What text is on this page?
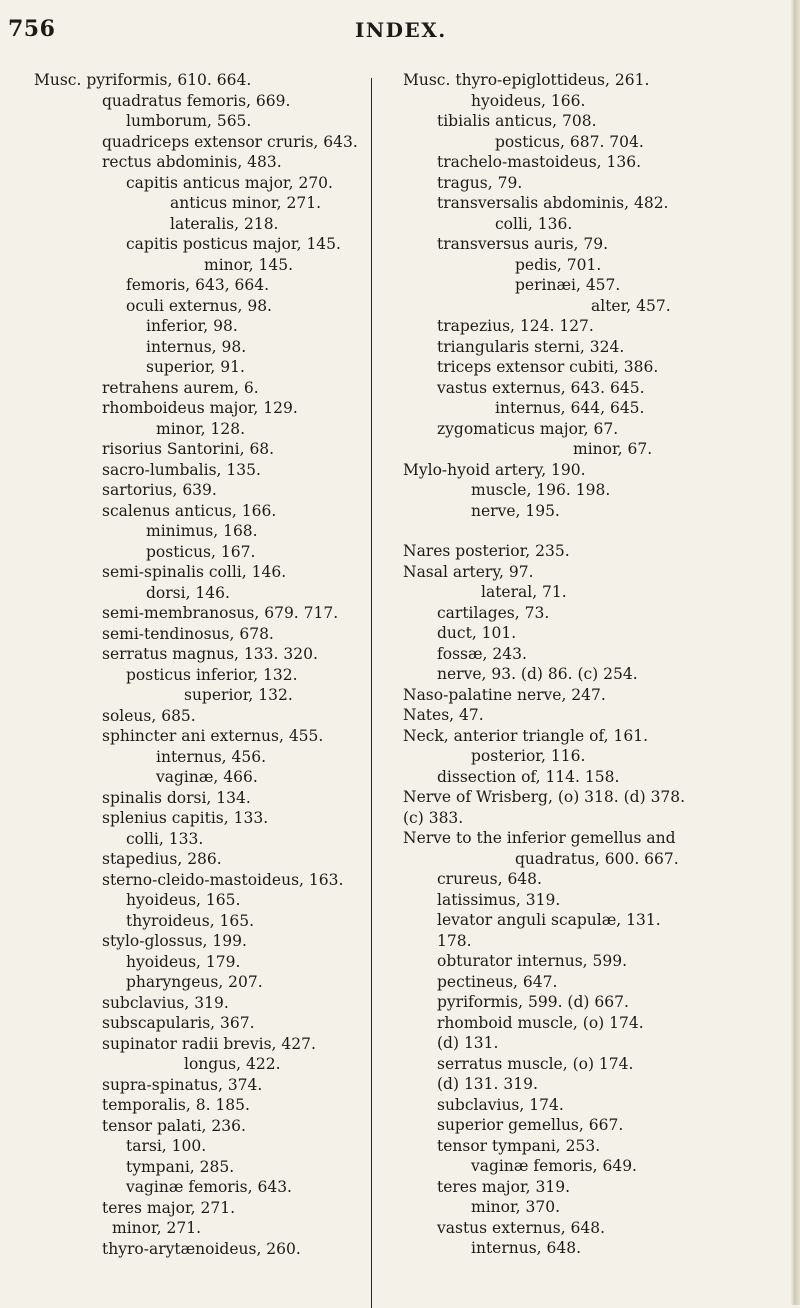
756	INDEX.
Musc. pyriformis, 610. 664.
quadratus femoris, 669.
lumborum, 565.
quadriceps extensor cruris, 643.
rectus abdominis, 483.
capitis anticus major, 270.
anticus minor, 271.
lateralis, 218.
capitis posticus major, 145.
minor, 145.
femoris, 643, 664.
oculi externus, 98.
inferior, 98.
internus, 98.
superior, 91.
retrahens aurem, 6.
rhomboideus major, 129.
minor, 128.
risorius Santorini, 68.
sacro-lumbalis, 135.
sartorius, 639.
scalenus anticus, 166.
minimus, 168.
posticus, 167.
semi-spinalis colli, 146.
dorsi, 146.
semi-membranosus, 679. 717.
semi-tendinosus, 678.
serratus magnus, 133. 320.
posticus inferior, 132.
superior, 132.
soleus, 685.
sphincter ani externus, 455.
internus, 456.
vaginæ, 466.
spinalis dorsi, 134.
splenius capitis, 133.
colli, 133.
stapedius, 286.
sterno-cleido-mastoideus, 163.
hyoideus, 165.
thyroideus, 165.
stylo-glossus, 199.
hyoideus, 179.
pharyngeus, 207.
subclavius, 319.
subscapularis, 367.
supinator radii brevis, 427.
longus, 422.
supra-spinatus, 374.
temporalis, 8. 185.
tensor palati, 236.
tarsi, 100.
tympani, 285.
vaginæ femoris, 643.
teres major, 271.
minor, 271.
thyro-arytænoideus, 260.
Musc. thyro-epiglottideus, 261.
hyoideus, 166.
tibialis anticus, 708.
posticus, 687. 704.
trachelo-mastoideus, 136.
tragus, 79.
transversalis abdominis, 482.
colli, 136.
transversus auris, 79.
pedis, 701.
perinæi, 457.
alter, 457.
trapezius, 124. 127.
triangularis sterni, 324.
triceps extensor cubiti, 386.
vastus externus, 643. 645.
internus, 644, 645.
zygomaticus major, 67.
minor, 67.
Mylo-hyoid artery, 190.
muscle, 196. 198.
nerve, 195.
Nares posterior, 235.
Nasal artery, 97.
lateral, 71.
cartilages, 73.
duct, 101.
fossæ, 243.
nerve, 93. (d) 86. (c) 254.
Naso-palatine nerve, 247.
Nates, 47.
Neck, anterior triangle of, 161.
posterior, 116.
dissection of, 114. 158.
Nerve of Wrisberg, (o) 318. (d) 378.
(c) 383.
Nerve to the inferior gemellus and
quadratus, 600. 667.
crureus, 648.
latissimus, 319.
levator anguli scapulæ, 131.
178.
obturator internus, 599.
pectineus, 647.
pyriformis, 599. (d) 667.
rhomboid muscle, (o) 174.
(d) 131.
serratus muscle, (o) 174.
(d) 131. 319.
subclavius, 174.
superior gemellus, 667.
tensor tympani, 253.
vaginæ femoris, 649.
teres major, 319.
minor, 370.
vastus externus, 648.
internus, 648.
